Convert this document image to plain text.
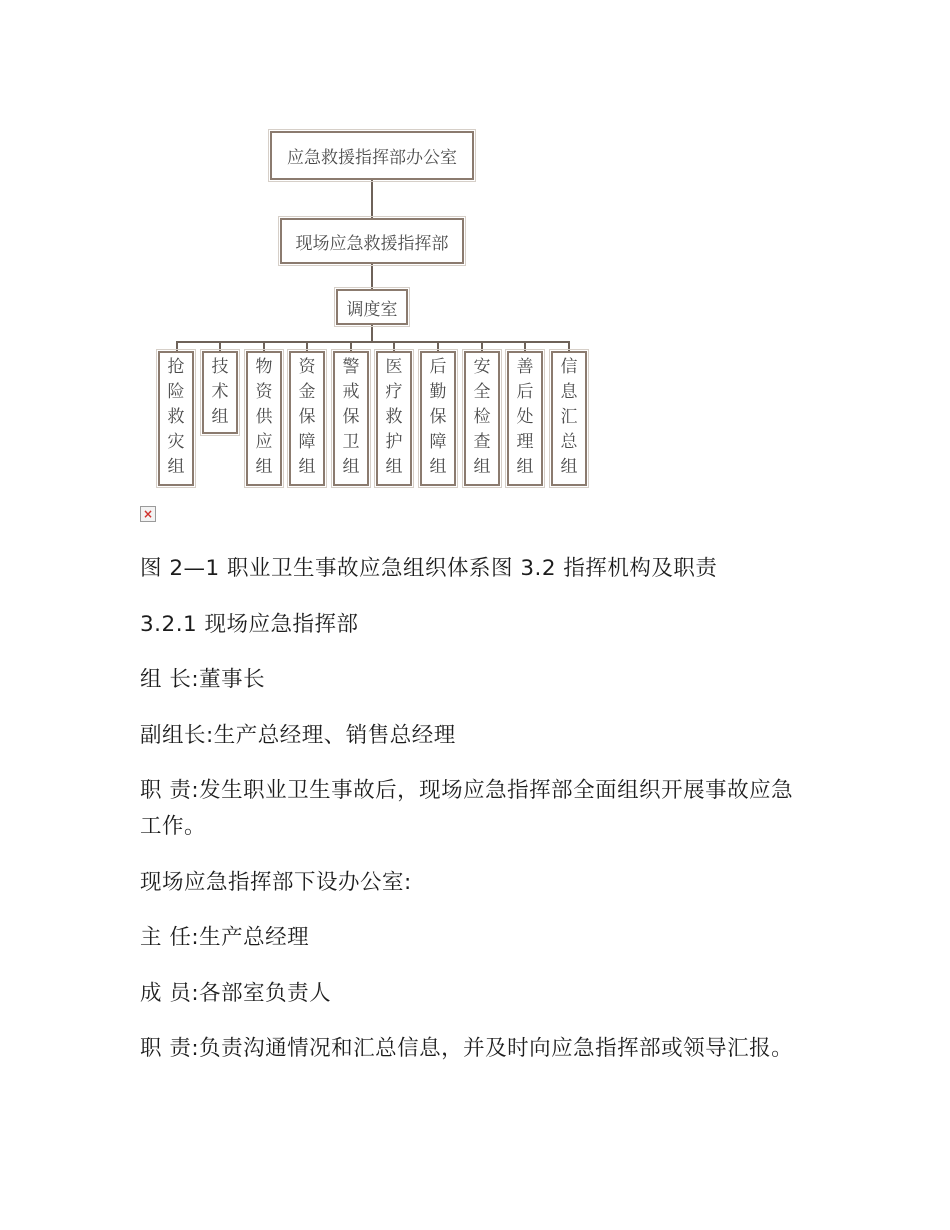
应急救援指挥部办公室
现场应急救援指挥部
调度室
抢
险
救
灾
组
技
术
组
物
资
供
应
组
资
金
保
障
组
警
戒
保
卫
组
医
疗
救
护
组
后
勤
保
障
组
安
全
检
查
组
善
后
处
理
组
信
息
汇
总
组
×

图 2—1 职业卫生事故应急组织体系图 3.2 指挥机构及职责

3.2.1 现场应急指挥部

组 长:董事长

副组长:生产总经理、销售总经理

职 责:发生职业卫生事故后，现场应急指挥部全面组织开展事故应急工作。

现场应急指挥部下设办公室:

主 任:生产总经理

成 员:各部室负责人

职 责:负责沟通情况和汇总信息，并及时向应急指挥部或领导汇报。
